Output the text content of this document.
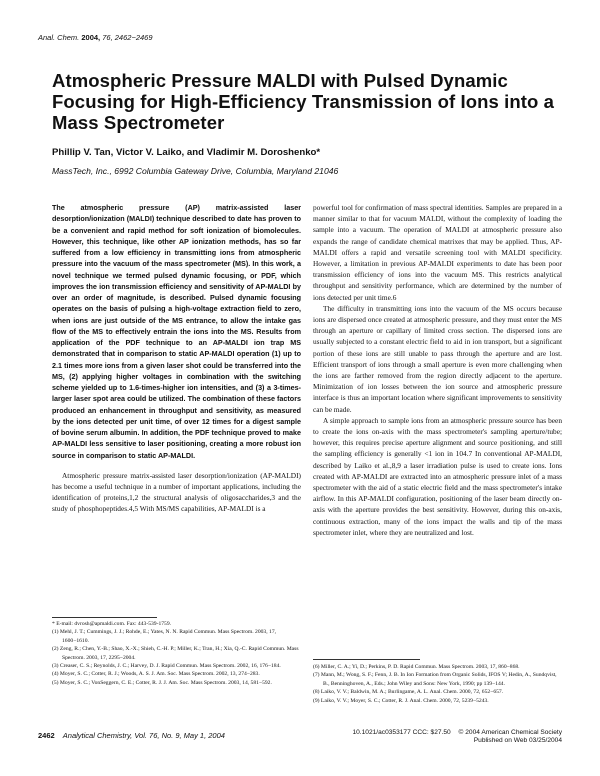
Anal. Chem. 2004, 76, 2462−2469
Atmospheric Pressure MALDI with Pulsed Dynamic Focusing for High-Efficiency Transmission of Ions into a Mass Spectrometer
Phillip V. Tan, Victor V. Laiko, and Vladimir M. Doroshenko*
MassTech, Inc., 6992 Columbia Gateway Drive, Columbia, Maryland 21046

The atmospheric pressure (AP) matrix-assisted laser desorption/ionization (MALDI) technique described to date has proven to be a convenient and rapid method for soft ionization of biomolecules. However, this technique, like other AP ionization methods, has so far suffered from a low efficiency in transmitting ions from atmospheric pressure into the vacuum of the mass spectrometer (MS). In this work, a novel technique we termed pulsed dynamic focusing, or PDF, which improves the ion transmission efficiency and sensitivity of AP-MALDI by over an order of magnitude, is described. Pulsed dynamic focusing operates on the basis of pulsing a high-voltage extraction field to zero, when ions are just outside of the MS entrance, to allow the intake gas flow of the MS to effectively entrain the ions into the MS. Results from application of the PDF technique to an AP-MALDI ion trap MS demonstrated that in comparison to static AP-MALDI operation (1) up to 2.1 times more ions from a given laser shot could be transferred into the MS, (2) applying higher voltages in combination with the switching scheme yielded up to 1.6-times-higher ion intensities, and (3) a 3-times-larger laser spot area could be utilized. The combination of these factors produced an enhancement in throughput and sensitivity, as measured by the ions detected per unit time, of over 12 times for a digest sample of bovine serum albumin. In addition, the PDF technique proved to make AP-MALDI less sensitive to laser positioning, creating a more robust ion source in comparison to static AP-MALDI.

Atmospheric pressure matrix-assisted laser desorption/ionization (AP-MALDI) has become a useful technique in a number of important applications, including the identification of proteins,1,2 the structural analysis of oligosaccharides,3 and the study of phosphopeptides.4,5 With MS/MS capabilities, AP-MALDI is a

powerful tool for confirmation of mass spectral identities. Samples are prepared in a manner similar to that for vacuum MALDI, without the complexity of loading the sample into a vacuum. The operation of MALDI at atmospheric pressure also expands the range of candidate chemical matrixes that may be applied. Thus, AP-MALDI offers a rapid and versatile screening tool with MALDI specificity. However, a limitation in previous AP-MALDI experiments to date has been poor transmission efficiency of ions into the vacuum MS. This restricts analytical throughput and sensitivity performance, which are determined by the number of ions detected per unit time.6

The difficulty in transmitting ions into the vacuum of the MS occurs because ions are dispersed once created at atmospheric pressure, and they must enter the MS through an aperture or capillary of limited cross section. The dispersed ions are usually subjected to a constant electric field to aid in ion transport, but a significant portion of these ions are still unable to pass through the aperture and are lost. Efficient transport of ions through a small aperture is even more challenging when the ions are farther removed from the region directly adjacent to the aperture. Minimization of ion losses between the ion source and atmospheric pressure interface is thus an important location where significant improvements to sensitivity can be made.

A simple approach to sample ions from an atmospheric pressure source has been to create the ions on-axis with the mass spectrometer's sampling aperture/tube; however, this requires precise aperture alignment and source positioning, and still the sampling efficiency is generally <1 ion in 104.7 In conventional AP-MALDI, described by Laiko et al.,8,9 a laser irradiation pulse is used to create ions. Ions created with AP-MALDI are extracted into an atmospheric pressure inlet of a mass spectrometer with the aid of a static electric field and the mass spectrometer's intake airflow. In this AP-MALDI configuration, positioning of the laser beam directly on-axis with the aperture provides the best sensitivity. However, during this on-axis, continuous extraction, many of the ions impact the walls and tip of the mass spectrometer inlet, where they are neutralized and lost.

* E-mail: dvrosh@apmaldi.com. Fax: 443-539-1759.
(1) Mehl, J. T.; Cummings, J. J.; Rohde, E.; Yates, N. N. Rapid Commun. Mass Spectrom. 2003, 17, 1600−1610.
(2) Zeng, R.; Chen, Y.-B.; Shao, X.-X.; Shieh, C.-H. P.; Miller, K.; Tran, H.; Xia, Q.-C. Rapid Commun. Mass Spectrom. 2003, 17, 2295−2004.
(3) Creaser, C. S.; Reynolds, J. C.; Harvey, D. J. Rapid Commun. Mass Spectrom. 2002, 16, 176−184.
(4) Moyer, S. C.; Cotter, R. J.; Woods, A. S. J. Am. Soc. Mass Spectrom. 2002, 13, 274−283.
(5) Moyer, S. C.; VonSeggern, C. E.; Cotter, R. J. J. Am. Soc. Mass Spectrom. 2003, 14, 581−592.
(6) Miller, C. A.; Yi, D.; Perkins, P. D. Rapid Commun. Mass Spectrom. 2003, 17, 860−868.
(7) Mann, M.; Wong, S. F.; Fenn, J. B. In Ion Formation from Organic Solids, IFOS V; Hedin, A., Sundqvist, B., Benninghoven, A., Eds.; John Wiley and Sons: New York, 1990; pp 139−144.
(8) Laiko, V. V.; Baldwin, M. A.; Burlingame, A. L. Anal. Chem. 2000, 72, 652−657.
(9) Laiko, V. V.; Moyer, S. C.; Cotter, R. J. Anal. Chem. 2000, 72, 5239−5243.
2462 Analytical Chemistry, Vol. 76, No. 9, May 1, 2004	10.1021/ac0353177 CCC: $27.50 © 2004 American Chemical Society
Published on Web 03/25/2004
